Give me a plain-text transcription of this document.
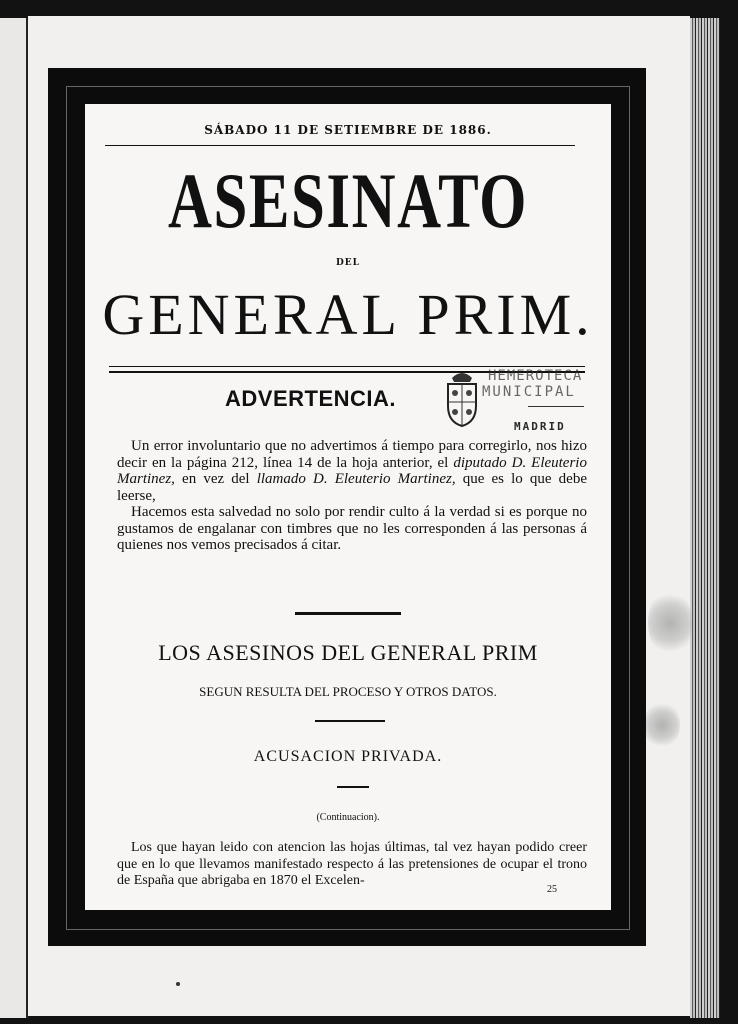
SÁBADO 11 DE SETIEMBRE DE 1886.
ASESINATO
DEL
GENERAL PRIM.
ADVERTENCIA.

Un error involuntario que no advertimos á tiempo para corregirlo, nos hizo decir en la página 212, línea 14 de la hoja anterior, el diputado D. Eleuterio Martinez, en vez del llamado D. Eleuterio Martinez, que es lo que debe leerse,

Hacemos esta salvedad no solo por rendir culto á la verdad si es porque no gustamos de engalanar con timbres que no les corresponden á las personas á quienes nos vemos precisados á citar.

LOS ASESINOS DEL GENERAL PRIM
SEGUN RESULTA DEL PROCESO Y OTROS DATOS.
ACUSACION PRIVADA.
(Continuacion).

Los que hayan leido con atencion las hojas últimas, tal vez hayan podido creer que en lo que llevamos manifestado respecto á las pretensiones de ocupar el trono de España que abrigaba en 1870 el Excelen-

25
HEMEROTECA
MUNICIPAL
MADRID
